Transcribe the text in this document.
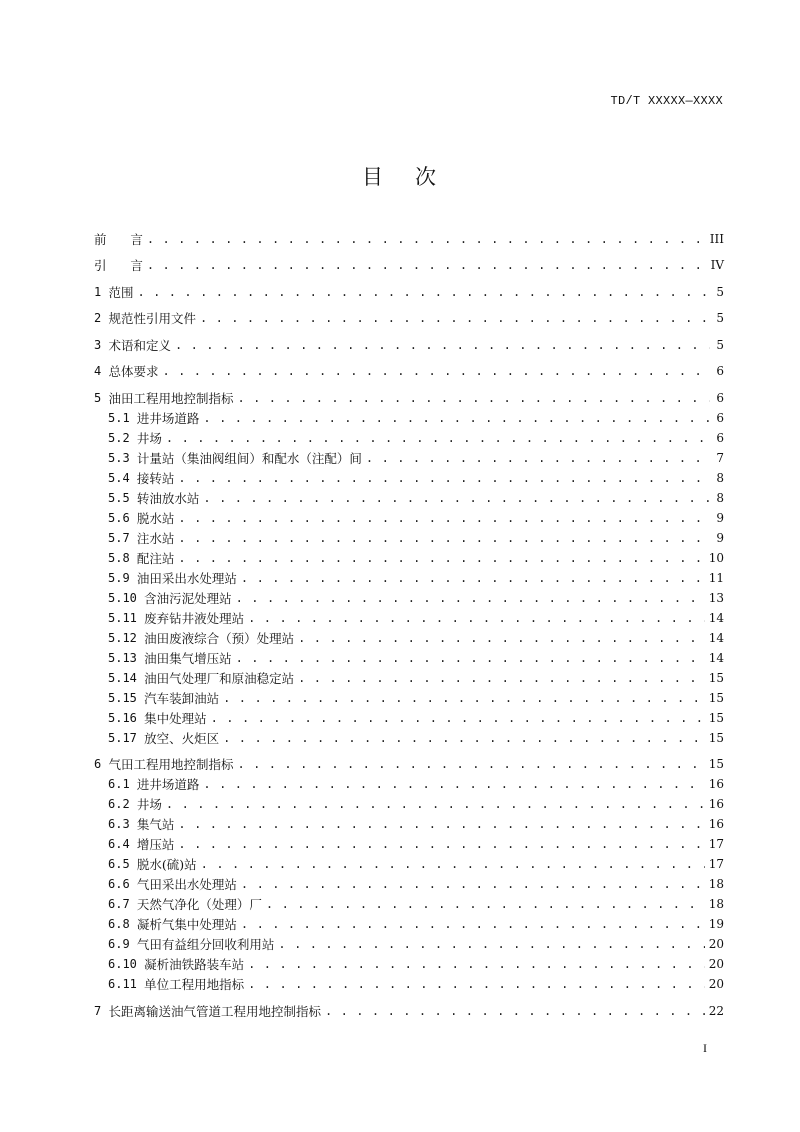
TD/T XXXXX—XXXX
目 次
前      言 . . .	III
引      言 . . .	IV
1 范围 . . .	5
2 规范性引用文件 . . .	5
3 术语和定义 . . .	5
4 总体要求 . . .	6
5 油田工程用地控制指标 . . .	6
5.1 进井场道路 . . .	6
5.2 井场 . . .	6
5.3 计量站（集油阀组间）和配水（注配）间 . . .	7
5.4 接转站 . . .	8
5.5 转油放水站 . . .	8
5.6 脱水站 . . .	9
5.7 注水站 . . .	9
5.8 配注站 . . .	10
5.9 油田采出水处理站 . . .	11
5.10 含油污泥处理站 . . .	13
5.11 废弃钻井液处理站 . . .	14
5.12 油田废液综合（预）处理站 . . .	14
5.13 油田集气增压站 . . .	14
5.14 油田气处理厂和原油稳定站 . . .	15
5.15 汽车装卸油站 . . .	15
5.16 集中处理站 . . .	15
5.17 放空、火炬区 . . .	15
6 气田工程用地控制指标 . . .	15
6.1 进井场道路 . . .	16
6.2 井场 . . .	16
6.3 集气站 . . .	16
6.4 增压站 . . .	17
6.5 脱水(硫)站 . . .	17
6.6 气田采出水处理站 . . .	18
6.7 天然气净化（处理）厂 . . .	18
6.8 凝析气集中处理站 . . .	19
6.9 气田有益组分回收利用站 . . .	20
6.10 凝析油铁路装车站 . . .	20
6.11 单位工程用地指标 . . .	20
7 长距离输送油气管道工程用地控制指标 . . .	22
I
